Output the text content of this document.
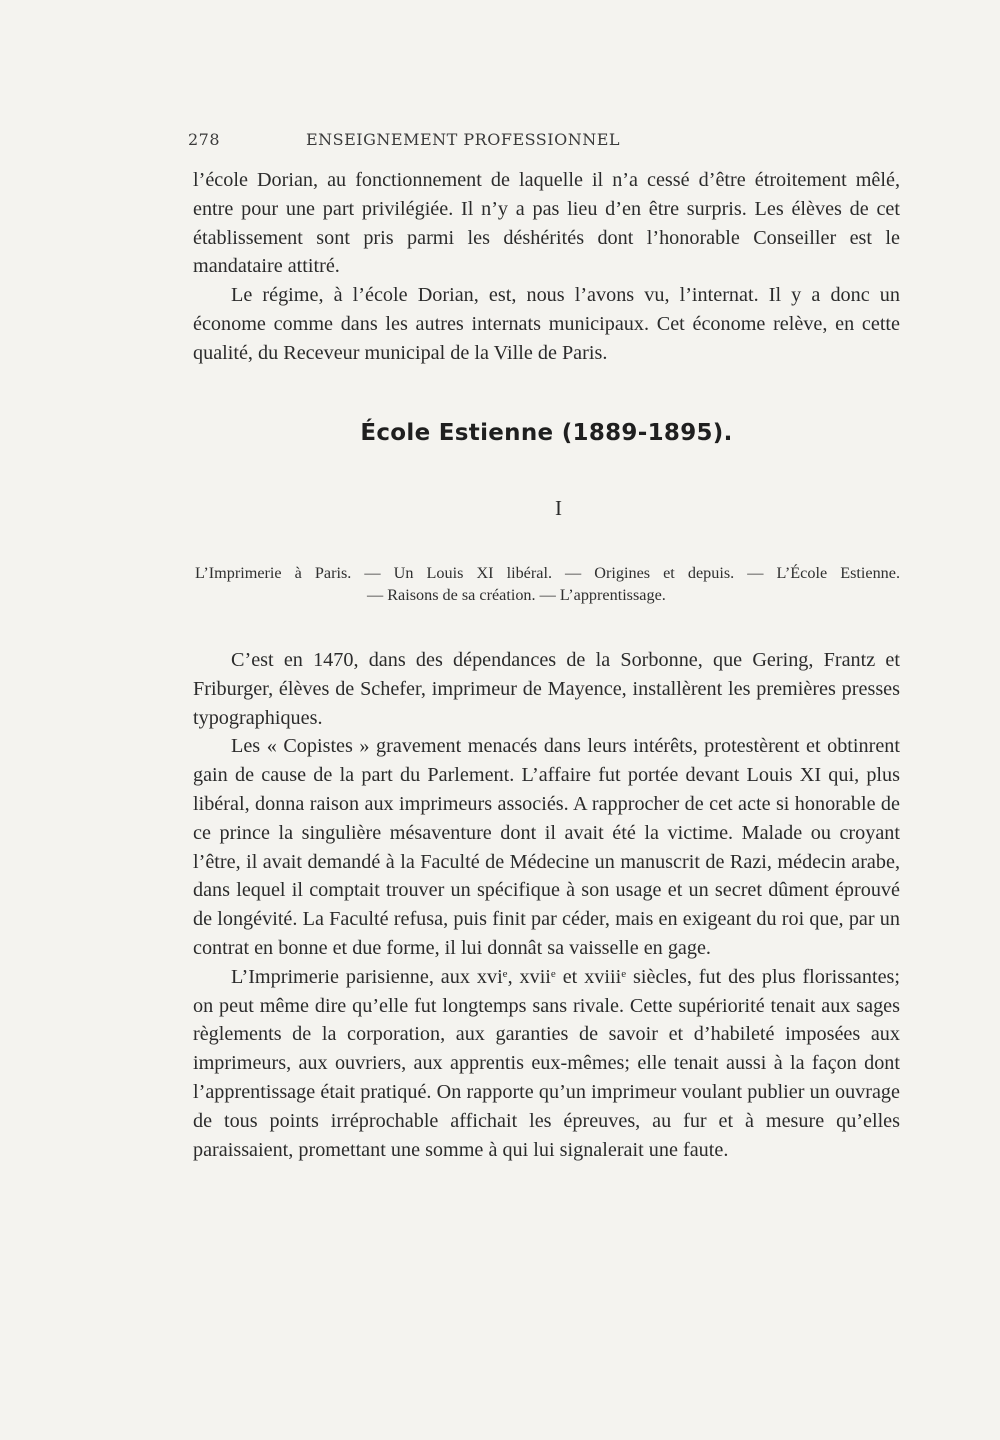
278	ENSEIGNEMENT PROFESSIONNEL

l’école Dorian, au fonctionnement de laquelle il n’a cessé d’être étroitement mêlé, entre pour une part privilégiée. Il n’y a pas lieu d’en être surpris. Les élèves de cet établissement sont pris parmi les déshérités dont l’honorable Conseiller est le mandataire attitré.

Le régime, à l’école Dorian, est, nous l’avons vu, l’internat. Il y a donc un économe comme dans les autres internats municipaux. Cet économe relève, en cette qualité, du Receveur municipal de la Ville de Paris.

École Estienne (1889-1895).
I
L’Imprimerie à Paris. — Un Louis XI libéral. — Origines et depuis. — L’École Estienne.
— Raisons de sa création. — L’apprentissage.

C’est en 1470, dans des dépendances de la Sorbonne, que Gering, Frantz et Friburger, élèves de Schefer, imprimeur de Mayence, installèrent les premières presses typographiques.

Les « Copistes » gravement menacés dans leurs intérêts, protestèrent et obtinrent gain de cause de la part du Parlement. L’affaire fut portée devant Louis XI qui, plus libéral, donna raison aux imprimeurs associés. A rapprocher de cet acte si honorable de ce prince la singulière mésaventure dont il avait été la victime. Malade ou croyant l’être, il avait demandé à la Faculté de Médecine un manuscrit de Razi, médecin arabe, dans lequel il comptait trouver un spécifique à son usage et un secret dûment éprouvé de longévité. La Faculté refusa, puis finit par céder, mais en exigeant du roi que, par un contrat en bonne et due forme, il lui donnât sa vaisselle en gage.

L’Imprimerie parisienne, aux xvi$^e$, xvii$^e$ et xviii$^e$ siècles, fut des plus florissantes; on peut même dire qu’elle fut longtemps sans rivale. Cette supériorité tenait aux sages règlements de la corporation, aux garanties de savoir et d’habileté imposées aux imprimeurs, aux ouvriers, aux apprentis eux-mêmes; elle tenait aussi à la façon dont l’apprentissage était pratiqué. On rapporte qu’un imprimeur voulant publier un ouvrage de tous points irréprochable affichait les épreuves, au fur et à mesure qu’elles paraissaient, promettant une somme à qui lui signalerait une faute.
